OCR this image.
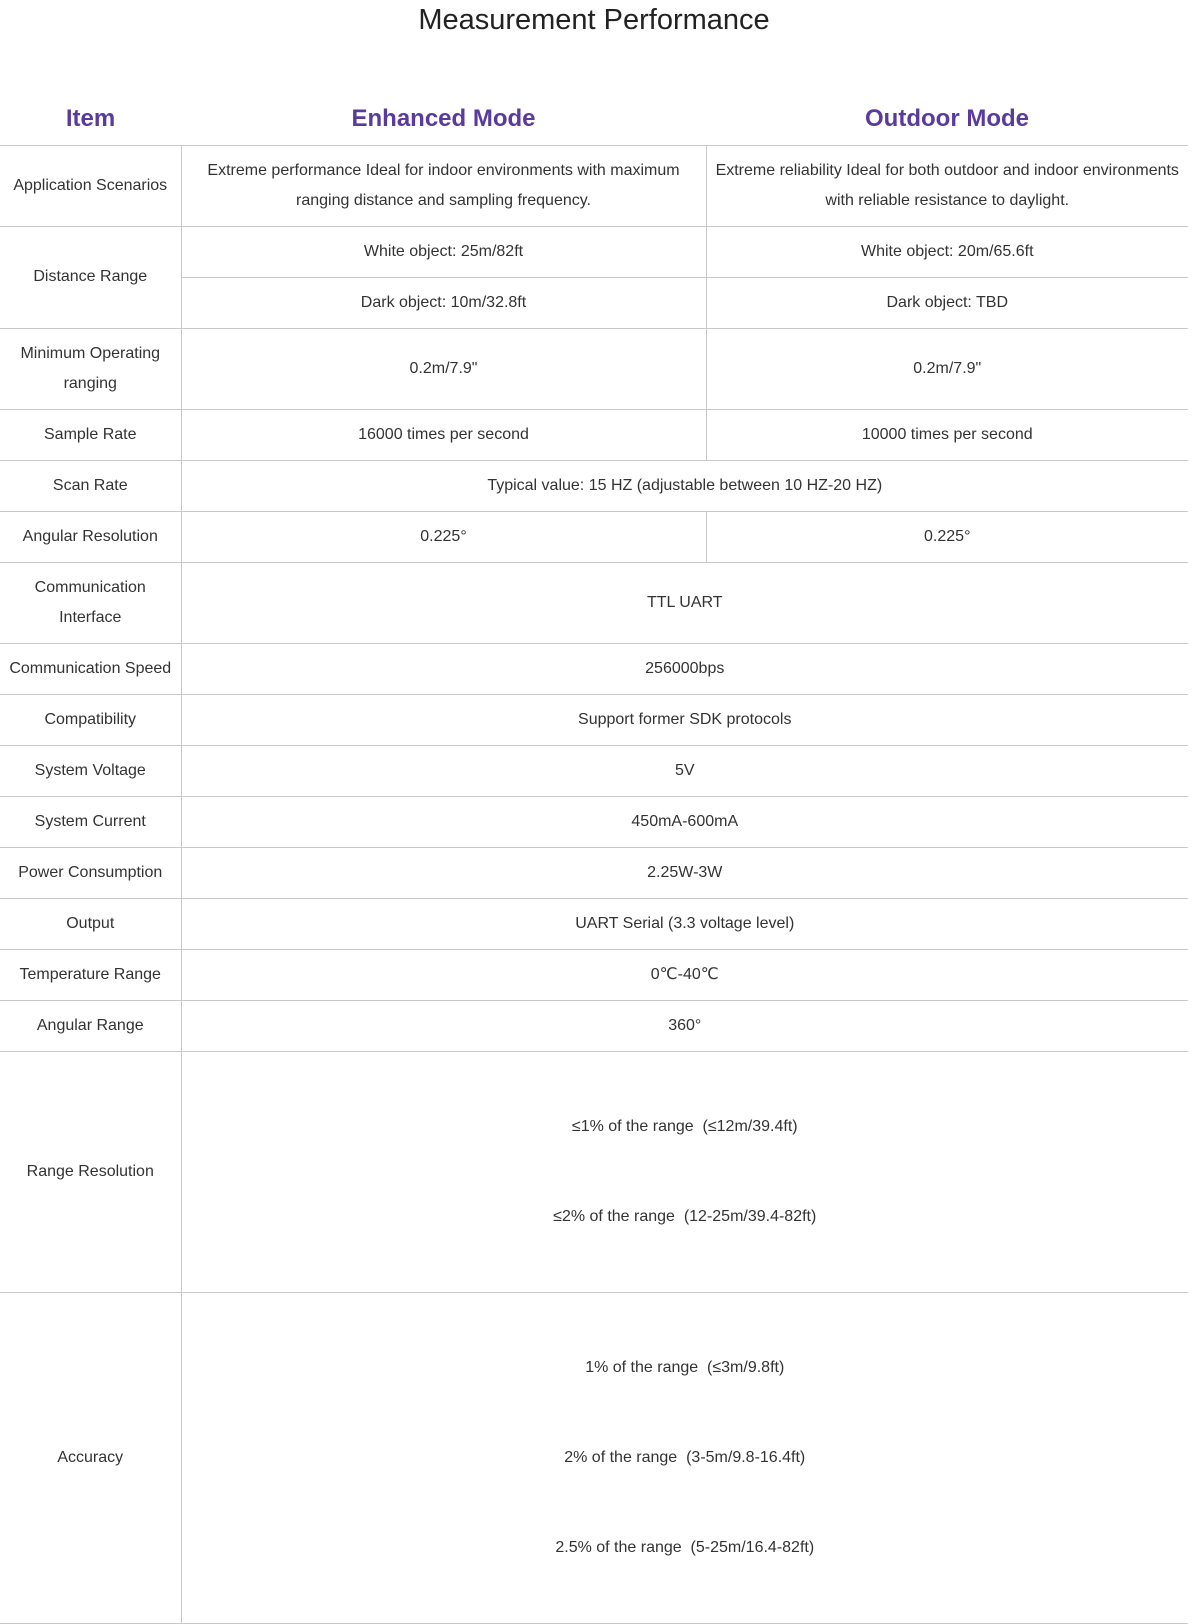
Measurement Performance
Item	Enhanced Mode	Outdoor Mode
Application Scenarios	Extreme performance Ideal for indoor environments with maximum ranging distance and sampling frequency.	Extreme reliability Ideal for both outdoor and indoor environments with reliable resistance to daylight.
Distance Range	White object: 25m/82ft	White object: 20m/65.6ft
	Dark object: 10m/32.8ft	Dark object: TBD
Minimum Operating ranging	0.2m/7.9"	0.2m/7.9"
Sample Rate	16000 times per second	10000 times per second
Scan Rate	Typical value: 15 HZ (adjustable between 10 HZ-20 HZ)	
Angular Resolution	0.225°	0.225°
Communication Interface	TTL UART	
Communication Speed	256000bps	
Compatibility	Support former SDK protocols	
System Voltage	5V	
System Current	450mA-600mA	
Power Consumption	2.25W-3W	
Output	UART Serial (3.3 voltage level)	
Temperature Range	0℃-40℃	
Angular Range	360°	
Range Resolution	≤1% of the range  (≤12m/39.4ft)

≤2% of the range  (12-25m/39.4-82ft)	

Accuracy	1% of the range  (≤3m/9.8ft)

2% of the range  (3-5m/9.8-16.4ft)

2.5% of the range  (5-25m/16.4-82ft)	
